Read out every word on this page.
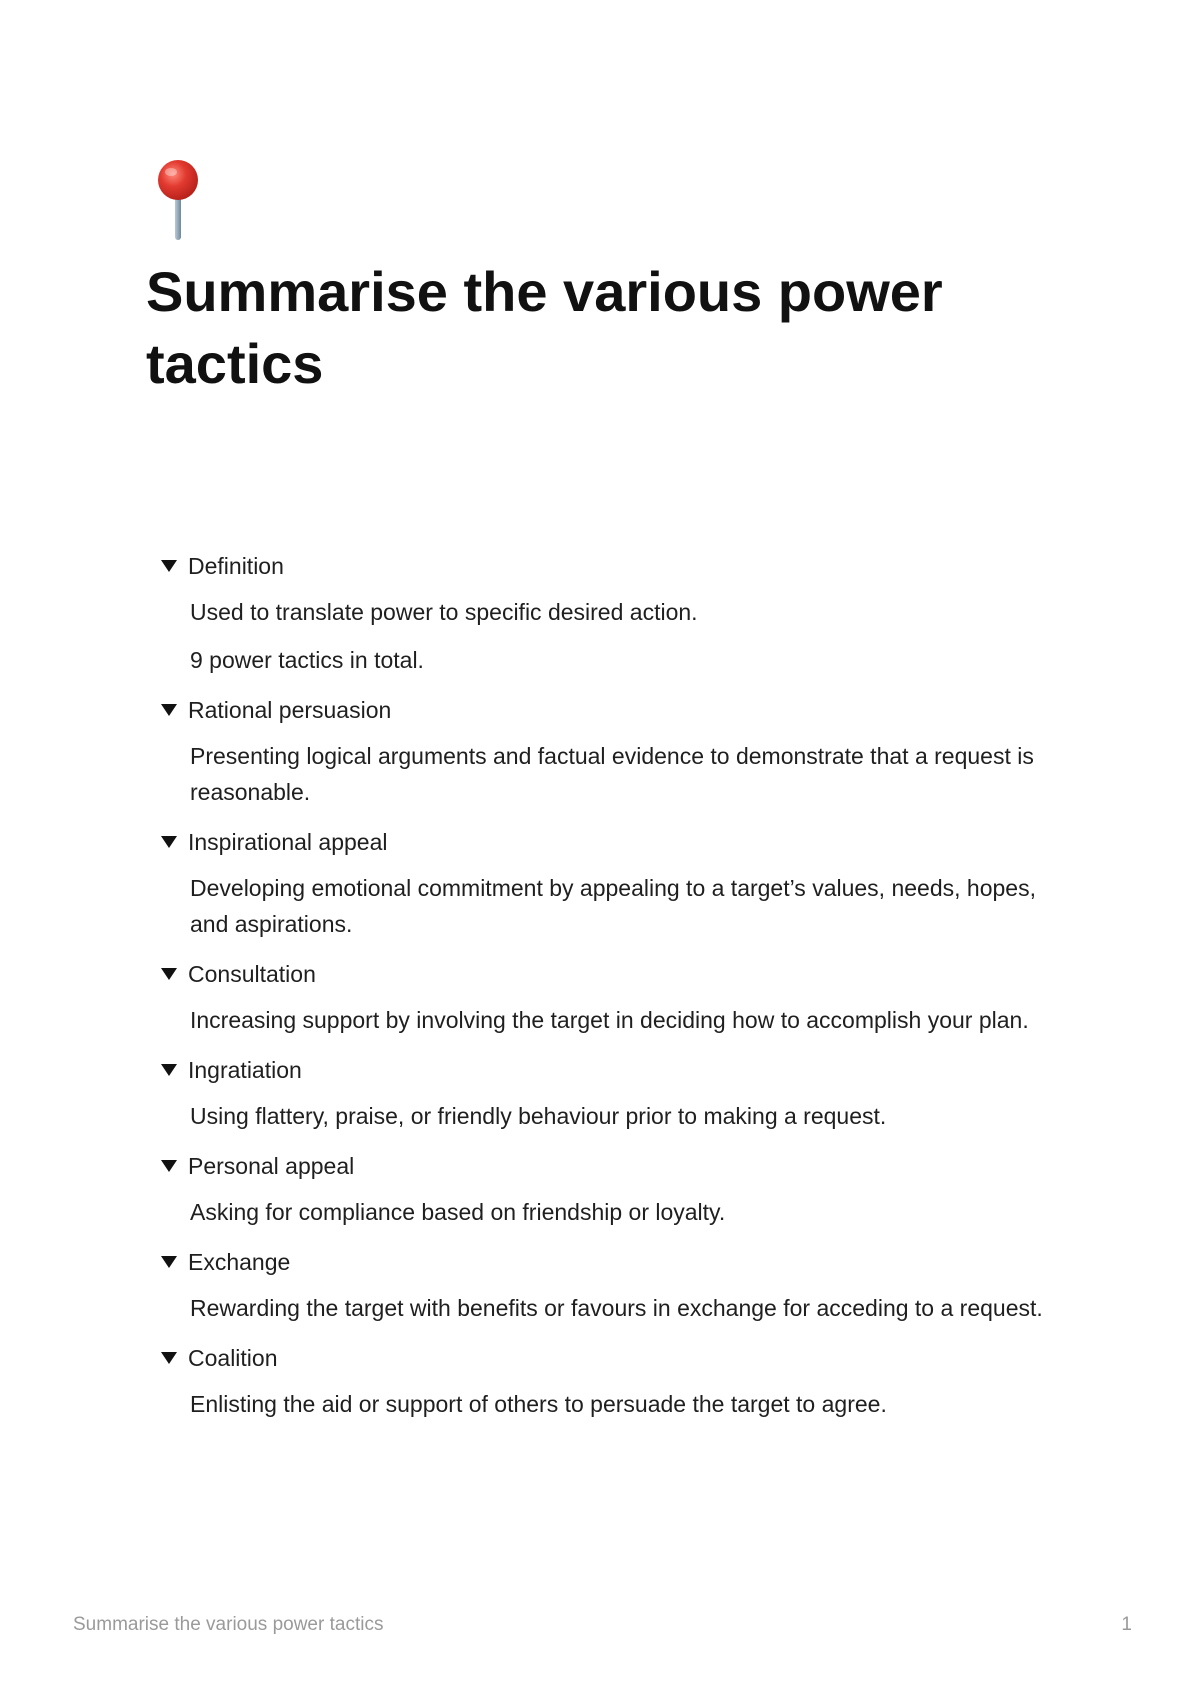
Summarise the various power tactics
Definition

Used to translate power to specific desired action.

9 power tactics in total.

Rational persuasion

Presenting logical arguments and factual evidence to demonstrate that a request is reasonable.

Inspirational appeal

Developing emotional commitment by appealing to a target’s values, needs, hopes, and aspirations.

Consultation

Increasing support by involving the target in deciding how to accomplish your plan.

Ingratiation

Using flattery, praise, or friendly behaviour prior to making a request.

Personal appeal

Asking for compliance based on friendship or loyalty.

Exchange

Rewarding the target with benefits or favours in exchange for acceding to a request.

Coalition

Enlisting the aid or support of others to persuade the target to agree.

Summarise the various power tactics	1
